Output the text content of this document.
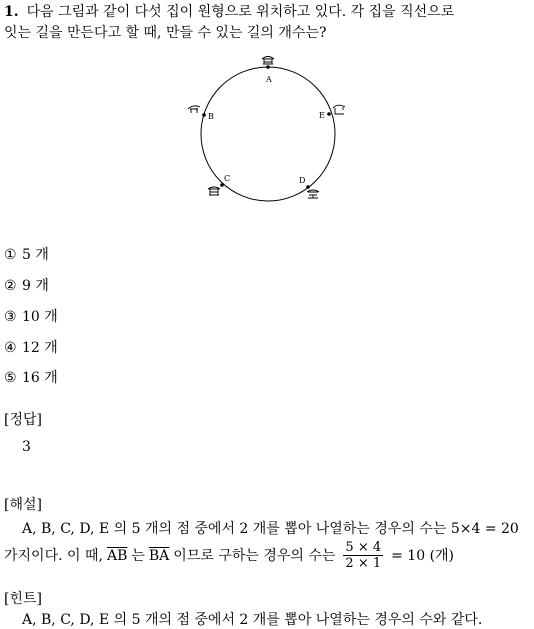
1. 다음 그림과 같이 다섯 집이 원형으로 위치하고 있다. 각 집을 직선으로
잇는 길을 만든다고 할 때, 만들 수 있는 길의 개수는?
A
B
C	D
E
① 5 개
② 9 개
③ 10 개
④ 12 개
⑤ 16 개
[정답]
3
[해설]
A, B, C, D, E 의 5 개의 점 중에서 2 개를 뽑아 나열하는 경우의 수는 5×4 = 20
가지이다. 이 때, $\overline{AB}$ 는 $\overline{BA}$ 이므로 구하는 경우의 수는 $\frac{5 \times 4}{2 \times 1} = 10$ (개)
[힌트]
A, B, C, D, E 의 5 개의 점 중에서 2 개를 뽑아 나열하는 경우의 수와 같다.
